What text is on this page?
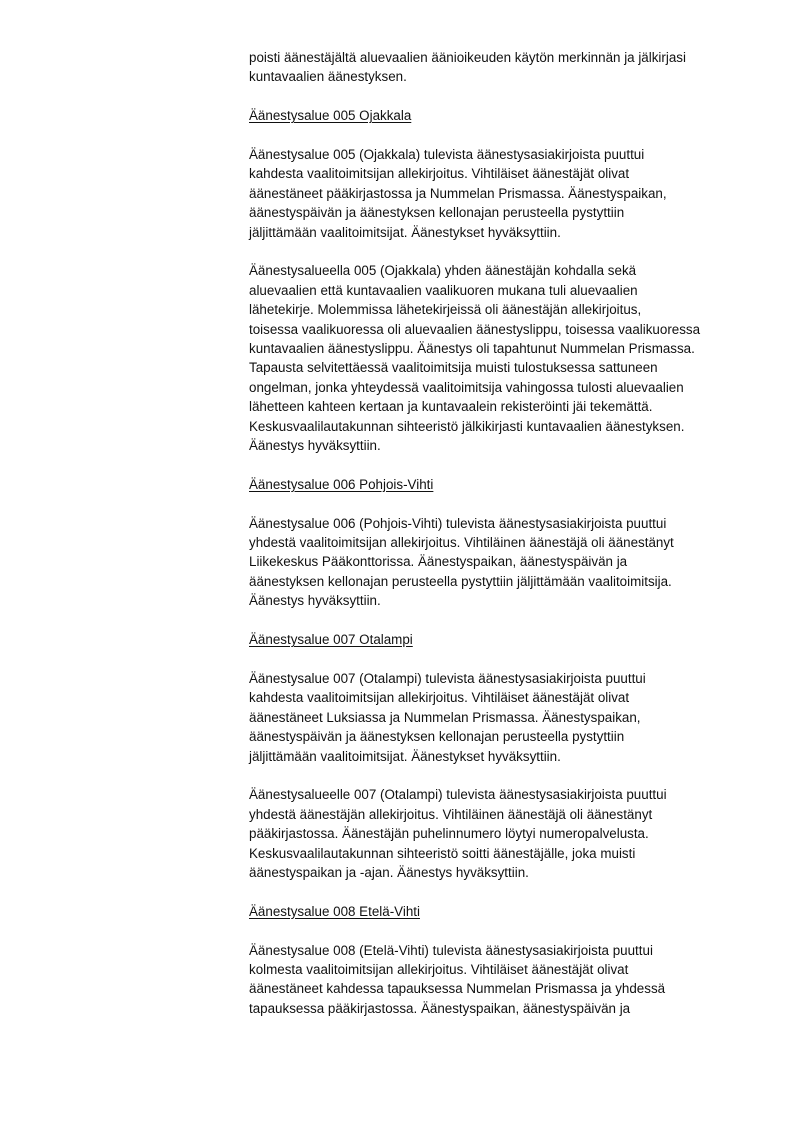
poisti äänestäjältä aluevaalien äänioikeuden käytön merkinnän ja jälkirjasi
kuntavaalien äänestyksen.
Äänestysalue 005 Ojakkala
Äänestysalue 005 (Ojakkala) tulevista äänestysasiakirjoista puuttui
kahdesta vaalitoimitsijan allekirjoitus. Vihtiläiset äänestäjät olivat
äänestäneet pääkirjastossa ja Nummelan Prismassa. Äänestyspaikan,
äänestyspäivän ja äänestyksen kellonajan perusteella pystyttiin
jäljittämään vaalitoimitsijat. Äänestykset hyväksyttiin.
Äänestysalueella 005 (Ojakkala) yhden äänestäjän kohdalla sekä
aluevaalien että kuntavaalien vaalikuoren mukana tuli aluevaalien
lähetekirje. Molemmissa lähetekirjeissä oli äänestäjän allekirjoitus,
toisessa vaalikuoressa oli aluevaalien äänestyslippu, toisessa vaalikuoressa
kuntavaalien äänestyslippu. Äänestys oli tapahtunut Nummelan Prismassa.
Tapausta selvitettäessä vaalitoimitsija muisti tulostuksessa sattuneen
ongelman, jonka yhteydessä vaalitoimitsija vahingossa tulosti aluevaalien
lähetteen kahteen kertaan ja kuntavaalein rekisteröinti jäi tekemättä.
Keskusvaalilautakunnan sihteeristö jälkikirjasti kuntavaalien äänestyksen.
Äänestys hyväksyttiin.
Äänestysalue 006 Pohjois-Vihti
Äänestysalue 006 (Pohjois-Vihti) tulevista äänestysasiakirjoista puuttui
yhdestä vaalitoimitsijan allekirjoitus. Vihtiläinen äänestäjä oli äänestänyt
Liikekeskus Pääkonttorissa. Äänestyspaikan, äänestyspäivän ja
äänestyksen kellonajan perusteella pystyttiin jäljittämään vaalitoimitsija.
Äänestys hyväksyttiin.
Äänestysalue 007 Otalampi
Äänestysalue 007 (Otalampi) tulevista äänestysasiakirjoista puuttui
kahdesta vaalitoimitsijan allekirjoitus. Vihtiläiset äänestäjät olivat
äänestäneet Luksiassa ja Nummelan Prismassa. Äänestyspaikan,
äänestyspäivän ja äänestyksen kellonajan perusteella pystyttiin
jäljittämään vaalitoimitsijat. Äänestykset hyväksyttiin.
Äänestysalueelle 007 (Otalampi) tulevista äänestysasiakirjoista puuttui
yhdestä äänestäjän allekirjoitus. Vihtiläinen äänestäjä oli äänestänyt
pääkirjastossa. Äänestäjän puhelinnumero löytyi numeropalvelusta.
Keskusvaalilautakunnan sihteeristö soitti äänestäjälle, joka muisti
äänestyspaikan ja -ajan. Äänestys hyväksyttiin.
Äänestysalue 008 Etelä-Vihti
Äänestysalue 008 (Etelä-Vihti) tulevista äänestysasiakirjoista puuttui
kolmesta vaalitoimitsijan allekirjoitus. Vihtiläiset äänestäjät olivat
äänestäneet kahdessa tapauksessa Nummelan Prismassa ja yhdessä
tapauksessa pääkirjastossa. Äänestyspaikan, äänestyspäivän ja
